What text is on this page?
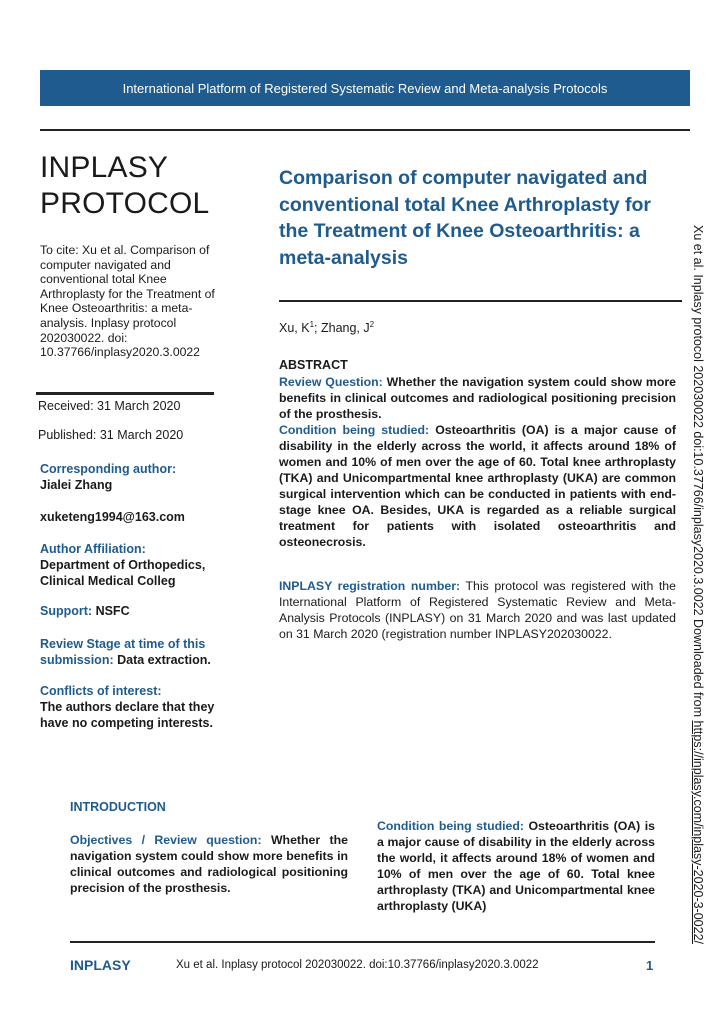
International Platform of Registered Systematic Review and Meta-analysis Protocols
INPLASY
PROTOCOL
To cite: Xu et al. Comparison of computer navigated and conventional total Knee Arthroplasty for the Treatment of Knee Osteoarthritis: a meta-analysis. Inplasy protocol 202030022. doi: 10.37766/inplasy2020.3.0022
Received: 31 March 2020
Published: 31 March 2020
Corresponding author:
Jialei Zhang
xuketeng1994@163.com
Author Affiliation:
Department of Orthopedics, Clinical Medical Colleg
Support: NSFC
Review Stage at time of this submission: Data extraction.
Conflicts of interest:
The authors declare that they have no competing interests.
Comparison of computer navigated and conventional total Knee Arthroplasty for the Treatment of Knee Osteoarthritis: a meta-analysis
Xu, $K^1$; Zhang, $J^2$
ABSTRACT
Review Question: Whether the navigation system could show more benefits in clinical outcomes and radiological positioning precision of the prosthesis.
Condition being studied: Osteoarthritis (OA) is a major cause of disability in the elderly across the world, it affects around 18% of women and 10% of men over the age of 60. Total knee arthroplasty (TKA) and Unicompartmental knee arthroplasty (UKA) are common surgical intervention which can be conducted in patients with end-stage knee OA. Besides, UKA is regarded as a reliable surgical treatment for patients with isolated osteoarthritis and osteonecrosis.
INPLASY registration number: This protocol was registered with the International Platform of Registered Systematic Review and Meta-Analysis Protocols (INPLASY) on 31 March 2020 and was last updated on 31 March 2020 (registration number INPLASY202030022.	Xu et al. Inplasy protocol 202030022 doi:10.37766/inplasy2020.3.0022 Downloaded from https://inplasy.com/inplasy-2020-3-0022/
INTRODUCTION
Objectives / Review question: Whether the navigation system could show more benefits in clinical outcomes and radiological positioning precision of the prosthesis.
Condition being studied: Osteoarthritis (OA) is a major cause of disability in the elderly across the world, it affects around 18% of women and 10% of men over the age of 60. Total knee arthroplasty (TKA) and Unicompartmental knee arthroplasty (UKA)
INPLASY	Xu et al. Inplasy protocol 202030022. doi:10.37766/inplasy2020.3.0022	1
